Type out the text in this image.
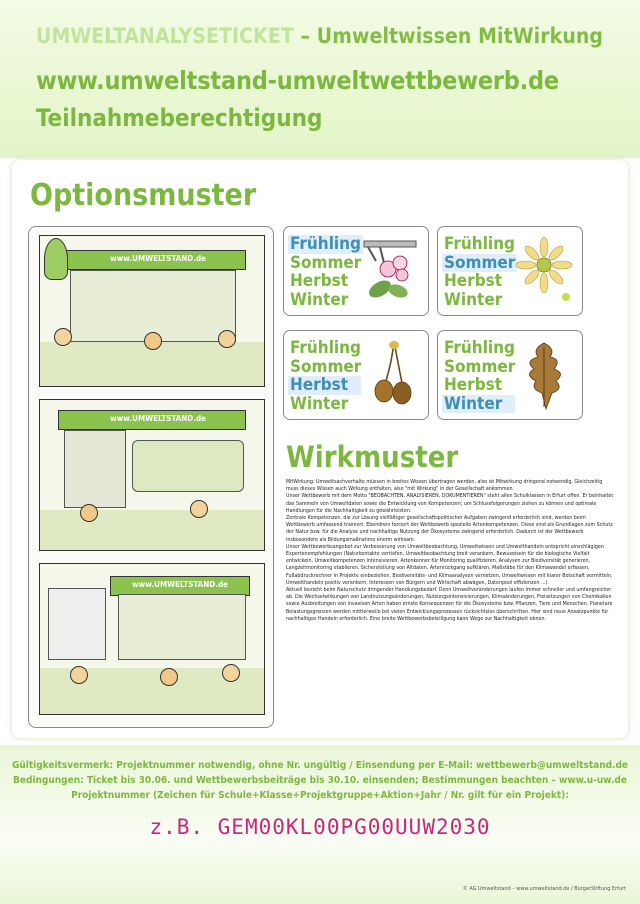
UMWELTANALYSETICKET – Umweltwissen MitWirkung
www.umweltstand-umweltwettbewerb.de
Teilnahmeberechtigung
Optionsmuster
www.UMWELTSTAND.de
www.UMWELTSTAND.de
www.UMWELTSTAND.de
Frühling
Sommer
Herbst
Winter
Frühling
Sommer
Herbst
Winter
Frühling
Sommer
Herbst
Winter
Frühling
Sommer
Herbst
Winter
Wirkmuster

MitWirkung: Umweltsachverhalte müssen in breites Wissen übertragen werden, also ist Mitwirkung dringend notwendig. Gleichzeitig muss dieses Wissen auch Wirkung entfalten, also "mit Wirkung" in der Gesellschaft ankommen.

Unser Wettbewerb mit dem Motto "BEOBACHTEN, ANALYSIEREN, DOKUMENTIEREN" steht allen Schulklassen in Erfurt offen. Er beinhaltet das Sammeln von Umweltdaten sowie die Entwicklung von Kompetenzen; um Schlussfolgerungen ziehen zu können und optimale Handlungen für die Nachhaltigkeit zu gewährleisten.

Zentrale Kompetenzen, die zur Lösung vielfältiger gesellschaftspolitischer Aufgaben zwingend erforderlich sind, werden beim Wettbewerb umfassend trainiert. Ebendrein forciert der Wettbewerb spezielle Artenkompetenzen. Diese sind als Grundlagen zum Schutz der Natur bzw. für die Analyse und nachhaltige Nutzung der Ökosysteme zwingend erforderlich. Dadurch ist der Wettbewerb insbesondere als Bildungsmaßnahme enorm wirksam.

Unser Wettbewerbsangebot zur Verbesserung von Umweltbeobachtung, Umweltwissen und Umwelthandeln entspricht einschlägigen Expertenempfehlungen (Naturkontakte vertiefen, Umweltbeobachtung breit verankern, Bewusstsein für die biologische Vielfalt entwickeln, Umweltkompetenzen intensivieren, Artenkenner für Monitoring qualifizieren, Analysen zur Biodiversität generieren, Langzeitmonitoring etablieren, Sicherstellung von Altdaten, Artenrückgang aufklären, Maßstäbe für den Klimawandel erfassen, Fußabdruckrechner in Projekte einbeziehen, Biodiversitäts- und Klimaanalysen vernetzen, Umweltwissen mit klarer Botschaft vermitteln, Umwelthandeln positiv verankern, Interessen von Bürgern und Wirtschaft abwägen, Datenpool effizienzen ...).

Aktuell besteht beim Naturschutz dringender Handlungsbedarf. Denn Umweltveränderungen laufen immer schneller und umfangreicher ab. Die Wechselwirkungen von Landnutzungsänderungen, Nutzungsintensivierungen, Klimaänderungen, Freisetzungen von Chemikalien sowie Ausbreitungen von invasiven Arten haben ernste Konsequenzen für die Ökosysteme bzw. Pflanzen, Tiere und Menschen. Planetare Belastungsgrenzen werden mittlerweile bei vielen Entwicklungsprozessen rücksichtslos überschritten. Hier sind neue Ansatzpunkte für nachhaltiges Handeln erforderlich. Eine breite Wettbewerbsbeteiligung kann Wege zur Nachhaltigkeit ebnen.

Gültigkeitsvermerk: Projektnummer notwendig, ohne Nr. ungültig / Einsendung per E-Mail: wettbewerb@umweltstand.de
Bedingungen: Ticket bis 30.06. und Wettbewerbsbeiträge bis 30.10. einsenden; Bestimmungen beachten – www.u-uw.de
Projektnummer (Zeichen für Schule+Klasse+Projektgruppe+Aktion+Jahr / Nr. gilt für ein Projekt):
z.B. GEM00KL00PG00UUW2030
© AG Umweltstand – www.umweltstand.de / BürgerStiftung Erfurt
